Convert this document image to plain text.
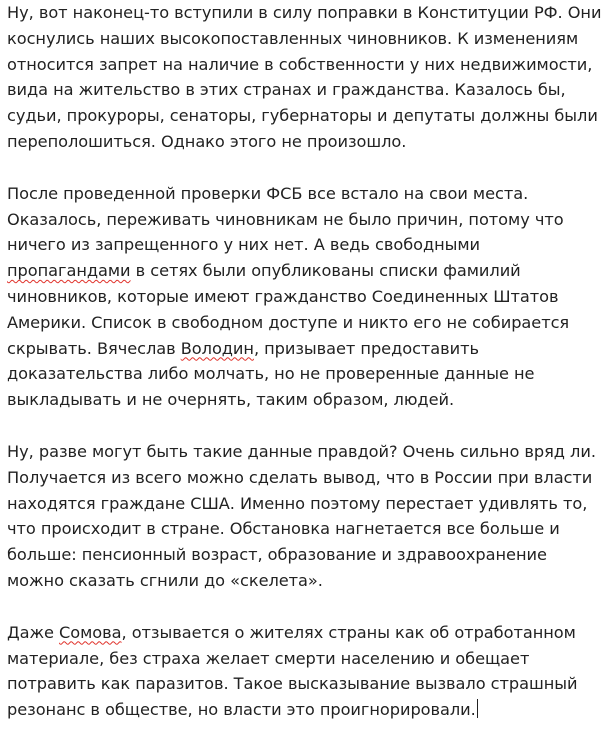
Ну, вот наконец-то вступили в силу поправки в Конституции РФ. Они коснулись наших высокопоставленных чиновников. К изменениям относится запрет на наличие в собственности у них недвижимости, вида на жительство в этих странах и гражданства. Казалось бы, судьи, прокуроры, сенаторы, губернаторы и депутаты должны были переполошиться. Однако этого не произошло.

После проведенной проверки ФСБ все встало на свои места. Оказалось, переживать чиновникам не было причин, потому что ничего из запрещенного у них нет. А ведь свободными пропагандами в сетях были опубликованы списки фамилий чиновников, которые имеют гражданство Соединенных Штатов Америки. Список в свободном доступе и никто его не собирается скрывать. Вячеслав Володин, призывает предоставить доказательства либо молчать, но не проверенные данные не выкладывать и не очернять, таким образом, людей.

Ну, разве могут быть такие данные правдой? Очень сильно вряд ли. Получается из всего можно сделать вывод, что в России при власти находятся граждане США. Именно поэтому перестает удивлять то, что происходит в стране. Обстановка нагнетается все больше и больше: пенсионный возраст, образование и здравоохранение можно сказать сгнили до «скелета».

Даже Сомова, отзывается о жителях страны как об отработанном материале, без страха желает смерти населению и обещает потравить как паразитов. Такое высказывание вызвало страшный резонанс в обществе, но власти это проигнорировали.
